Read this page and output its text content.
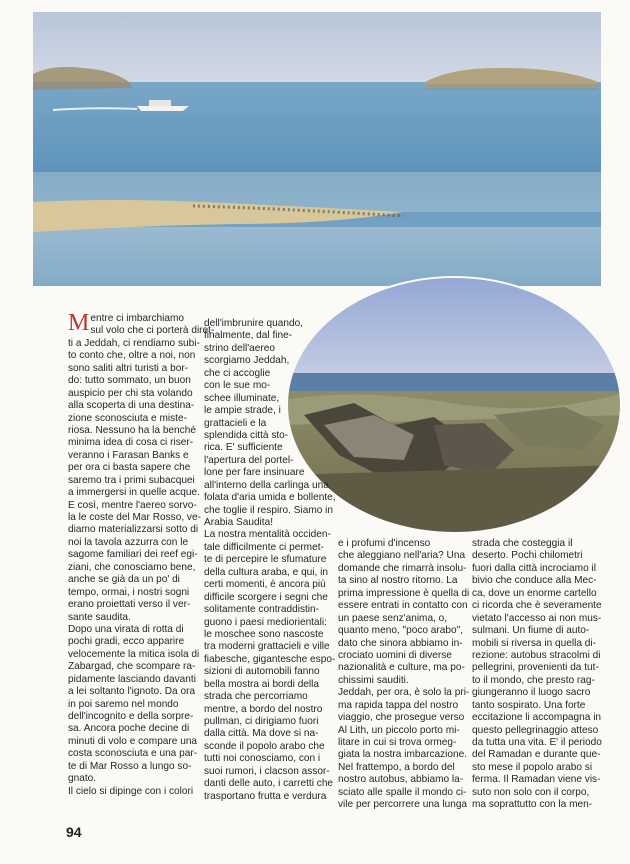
Mentre ci imbarchiamo
sul volo che ci porterà diret-
ti a Jeddah, ci rendiamo subi-
to conto che, oltre a noi, non
sono saliti altri turisti a bor-
do: tutto sommato, un buon
auspicio per chi sta volando
alla scoperta di una destina-
zione sconosciuta e miste-
riosa. Nessuno ha la benché
minima idea di cosa ci riser-
veranno i Farasan Banks e
per ora ci basta sapere che
saremo tra i primi subacquei
a immergersi in quelle acque.
E così, mentre l'aereo sorvo-
la le coste del Mar Rosso, ve-
diamo materializzarsi sotto di
noi la tavola azzurra con le
sagome familiari dei reef egi-
ziani, che conosciamo bene,
anche se già da un po' di
tempo, ormai, i nostri sogni
erano proiettati verso il ver-
sante saudita.
Dopo una virata di rotta di
pochi gradi, ecco apparire
velocemente la mitica isola di
Zabargad, che scompare ra-
pidamente lasciando davanti
a lei soltanto l'ignoto. Da ora
in poi saremo nel mondo
dell'incognito e della sorpre-
sa. Ancora poche decine di
minuti di volo e compare una
costa sconosciuta e una par-
te di Mar Rosso a lungo so-
gnato.
Il cielo si dipinge con i colori
dell'imbrunire quando,
finalmente, dal fine-
strino dell'aereo
scorgiamo Jeddah,
che ci accoglie
con le sue mo-
schee illuminate,
le ampie strade, i
grattacieli e la
splendida città sto-
rica. E' sufficiente
l'apertura del portel-
lone per fare insinuare
all'interno della carlinga una
folata d'aria umida e bollente,
che toglie il respiro. Siamo in
Arabia Saudita!
La nostra mentalità occiden-
tale difficilmente ci permet-
te di percepire le sfumature
della cultura araba, e qui, in
certi momenti, è ancora più
difficile scorgere i segni che
solitamente contraddistin-
guono i paesi mediorientali:
le moschee sono nascoste
tra moderni grattacieli e ville
fiabesche, gigantesche espo-
sizioni di automobili fanno
bella mostra ai bordi della
strada che percorriamo
mentre, a bordo del nostro
pullman, ci dirigiamo fuori
dalla città. Ma dove si na-
sconde il popolo arabo che
tutti noi conosciamo, con i
suoi rumori, i clacson assor-
danti delle auto, i carretti che
trasportano frutta e verdura
e i profumi d'incenso
che aleggiano nell'aria? Una
domande che rimarrà insolu-
ta sino al nostro ritorno. La
prima impressione è quella di
essere entrati in contatto con
un paese senz'anima, o,
quanto meno, "poco arabo",
dato che sinora abbiamo in-
crociato uomini di diverse
nazionalità e culture, ma po-
chissimi sauditi.
Jeddah, per ora, è solo la pri-
ma rapida tappa del nostro
viaggio, che prosegue verso
Al Lith, un piccolo porto mi-
litare in cui si trova ormeg-
giata la nostra imbarcazione.
Nel frattempo, a bordo del
nostro autobus, abbiamo la-
sciato alle spalle il mondo ci-
vile per percorrere una lunga
strada che costeggia il
deserto. Pochi chilometri
fuori dalla città incrociamo il
bivio che conduce alla Mec-
ca, dove un enorme cartello
ci ricorda che è severamente
vietato l'accesso ai non mus-
sulmani. Un fiume di auto-
mobili si riversa in quella di-
rezione: autobus stracolmi di
pellegrini, provenienti da tut-
to il mondo, che presto rag-
giungeranno il luogo sacro
tanto sospirato. Una forte
eccitazione li accompagna in
questo pellegrinaggio atteso
da tutta una vita. E' il periodo
del Ramadan e durante que-
sto mese il popolo arabo si
ferma. Il Ramadan viene vis-
suto non solo con il corpo,
ma soprattutto con la men-
94
